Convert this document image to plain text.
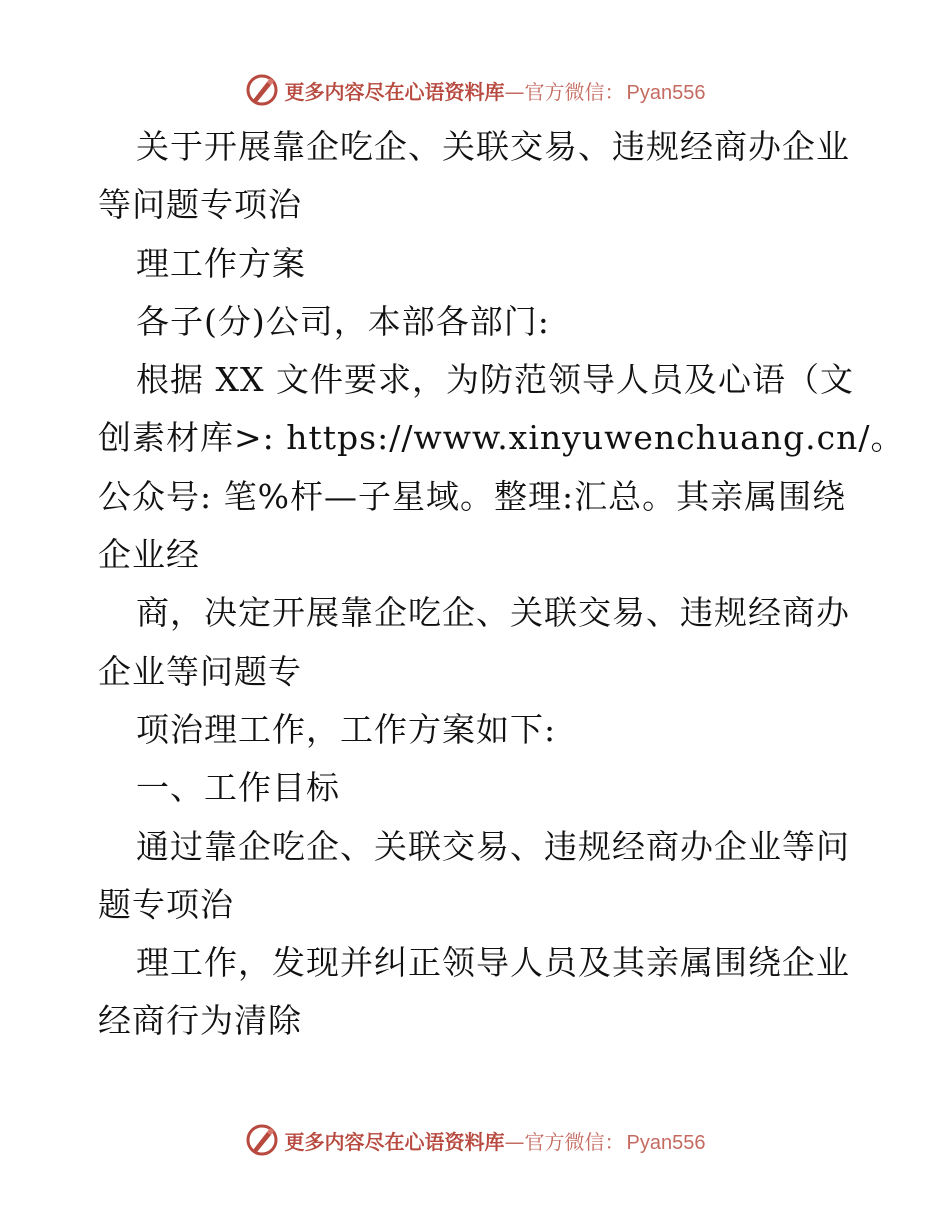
更多内容尽在心语资料库 — 官方微信： Pyan556
关于开展靠企吃企、关联交易、违规经商办企业
等问题专项治
理工作方案
各子(分)公司，本部各部门:
根据 XX 文件要求，为防范领导人员及心语（文
创素材库>: https://www.xinyuwenchuang.cn/。
公众号: 笔%杆—子星域。整理:汇总。其亲属围绕
企业经
商，决定开展靠企吃企、关联交易、违规经商办
企业等问题专
项治理工作，工作方案如下:
一、工作目标
通过靠企吃企、关联交易、违规经商办企业等问
题专项治
理工作，发现并纠正领导人员及其亲属围绕企业
经商行为清除
更多内容尽在心语资料库 — 官方微信： Pyan556
